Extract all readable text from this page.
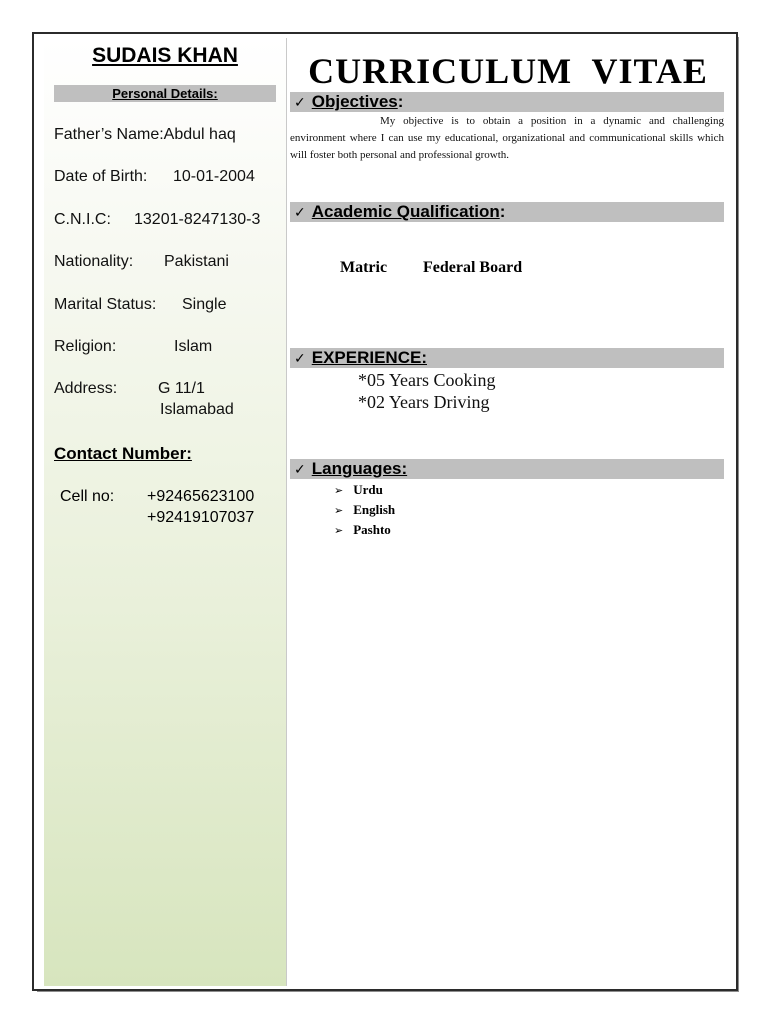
SUDAIS KHAN
Personal Details:
Father’s Name:Abdul haq
Date of Birth: 10-01-2004
C.N.I.C: 13201-8247130-3
Nationality: Pakistani
Marital Status: Single
Religion:	Islam
Address:	G 11/1
Islamabad
Contact Number:
Cell no: +92465623100
+92419107037
CURRICULUM  VITAE
✓ Objectives:
My objective is to obtain a position in a dynamic and challenging environment where I can use my educational, organizational and communicational skills which will foster both personal and professional growth.
✓ Academic Qualification:
Matric Federal Board
✓ EXPERIENCE:
*05 Years Cooking
*02 Years Driving
✓ Languages:
➢ Urdu
➢ English
➢ Pashto
